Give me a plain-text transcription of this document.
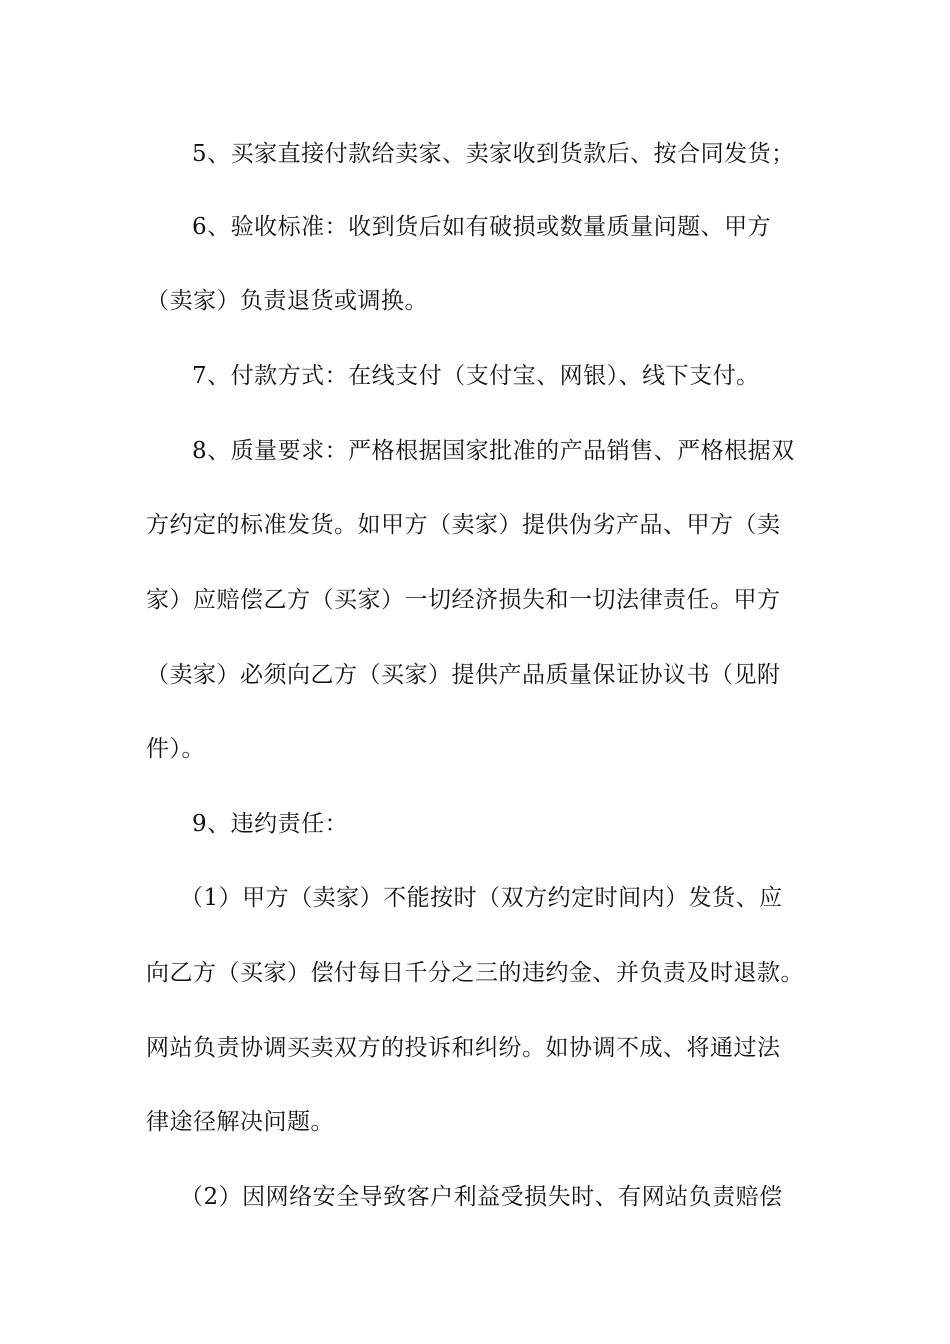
5、买家直接付款给卖家、卖家收到货款后、按合同发货；
6、验收标准：收到货后如有破损或数量质量问题、甲方
（卖家）负责退货或调换。
7、付款方式：在线支付（支付宝、网银）、线下支付。
8、质量要求：严格根据国家批准的产品销售、严格根据双
方约定的标准发货。如甲方（卖家）提供伪劣产品、甲方（卖
家）应赔偿乙方（买家）一切经济损失和一切法律责任。甲方
（卖家）必须向乙方（买家）提供产品质量保证协议书（见附
件）。
9、违约责任：
（1）甲方（卖家）不能按时（双方约定时间内）发货、应
向乙方（买家）偿付每日千分之三的违约金、并负责及时退款。
网站负责协调买卖双方的投诉和纠纷。如协调不成、将通过法
律途径解决问题。
（2）因网络安全导致客户利益受损失时、有网站负责赔偿
